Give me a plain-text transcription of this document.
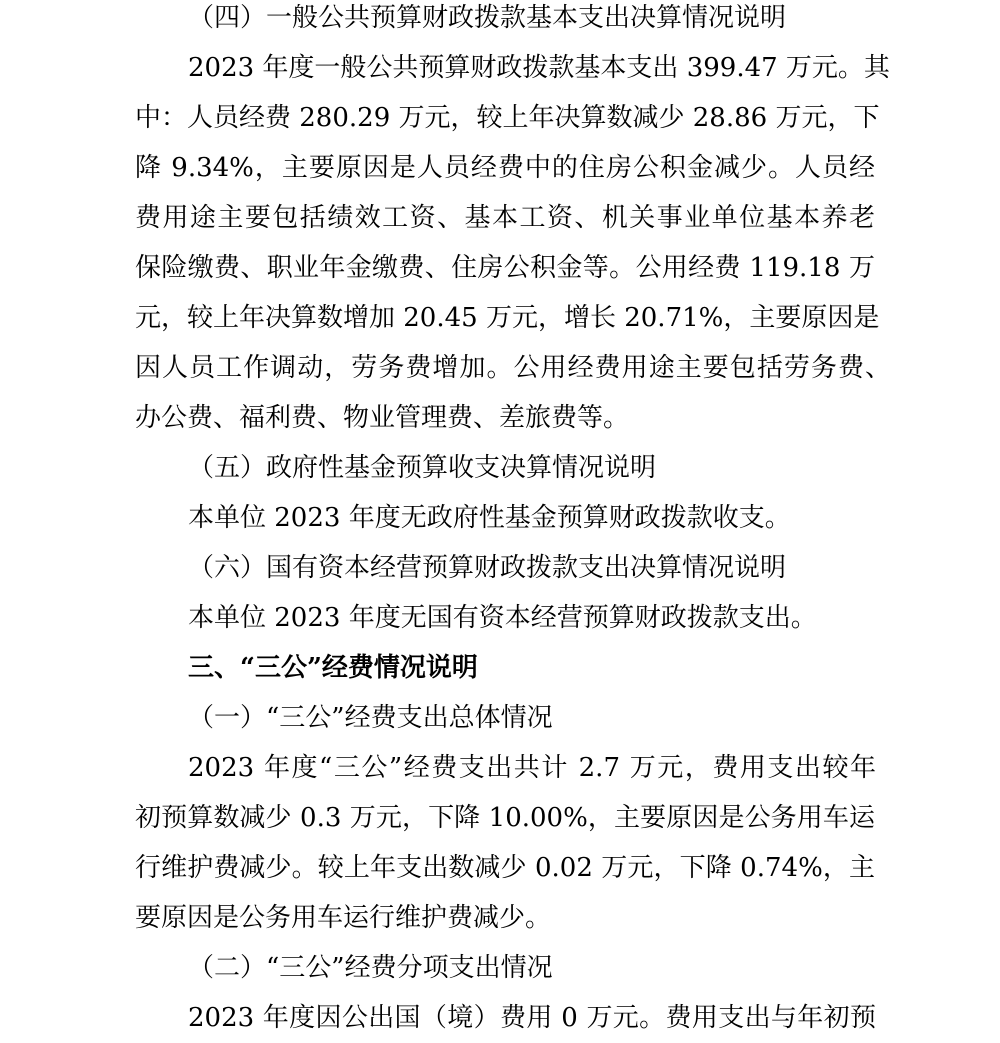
（四）一般公共预算财政拨款基本支出决算情况说明
2023 年度一般公共预算财政拨款基本支出 399.47 万元。其
中：人员经费 280.29 万元，较上年决算数减少 28.86 万元，下
降 9.34%，主要原因是人员经费中的住房公积金减少。人员经
费用途主要包括绩效工资、基本工资、机关事业单位基本养老
保险缴费、职业年金缴费、住房公积金等。公用经费 119.18 万
元，较上年决算数增加 20.45 万元，增长 20.71%，主要原因是
因人员工作调动，劳务费增加。公用经费用途主要包括劳务费、
办公费、福利费、物业管理费、差旅费等。
（五）政府性基金预算收支决算情况说明
本单位 2023 年度无政府性基金预算财政拨款收支。
（六）国有资本经营预算财政拨款支出决算情况说明
本单位 2023 年度无国有资本经营预算财政拨款支出。
三、“三公”经费情况说明
（一）“三公”经费支出总体情况
2023 年度“三公”经费支出共计 2.7 万元，费用支出较年
初预算数减少 0.3 万元，下降 10.00%，主要原因是公务用车运
行维护费减少。较上年支出数减少 0.02 万元，下降 0.74%，主
要原因是公务用车运行维护费减少。
（二）“三公”经费分项支出情况
2023 年度因公出国（境）费用 0 万元。费用支出与年初预
